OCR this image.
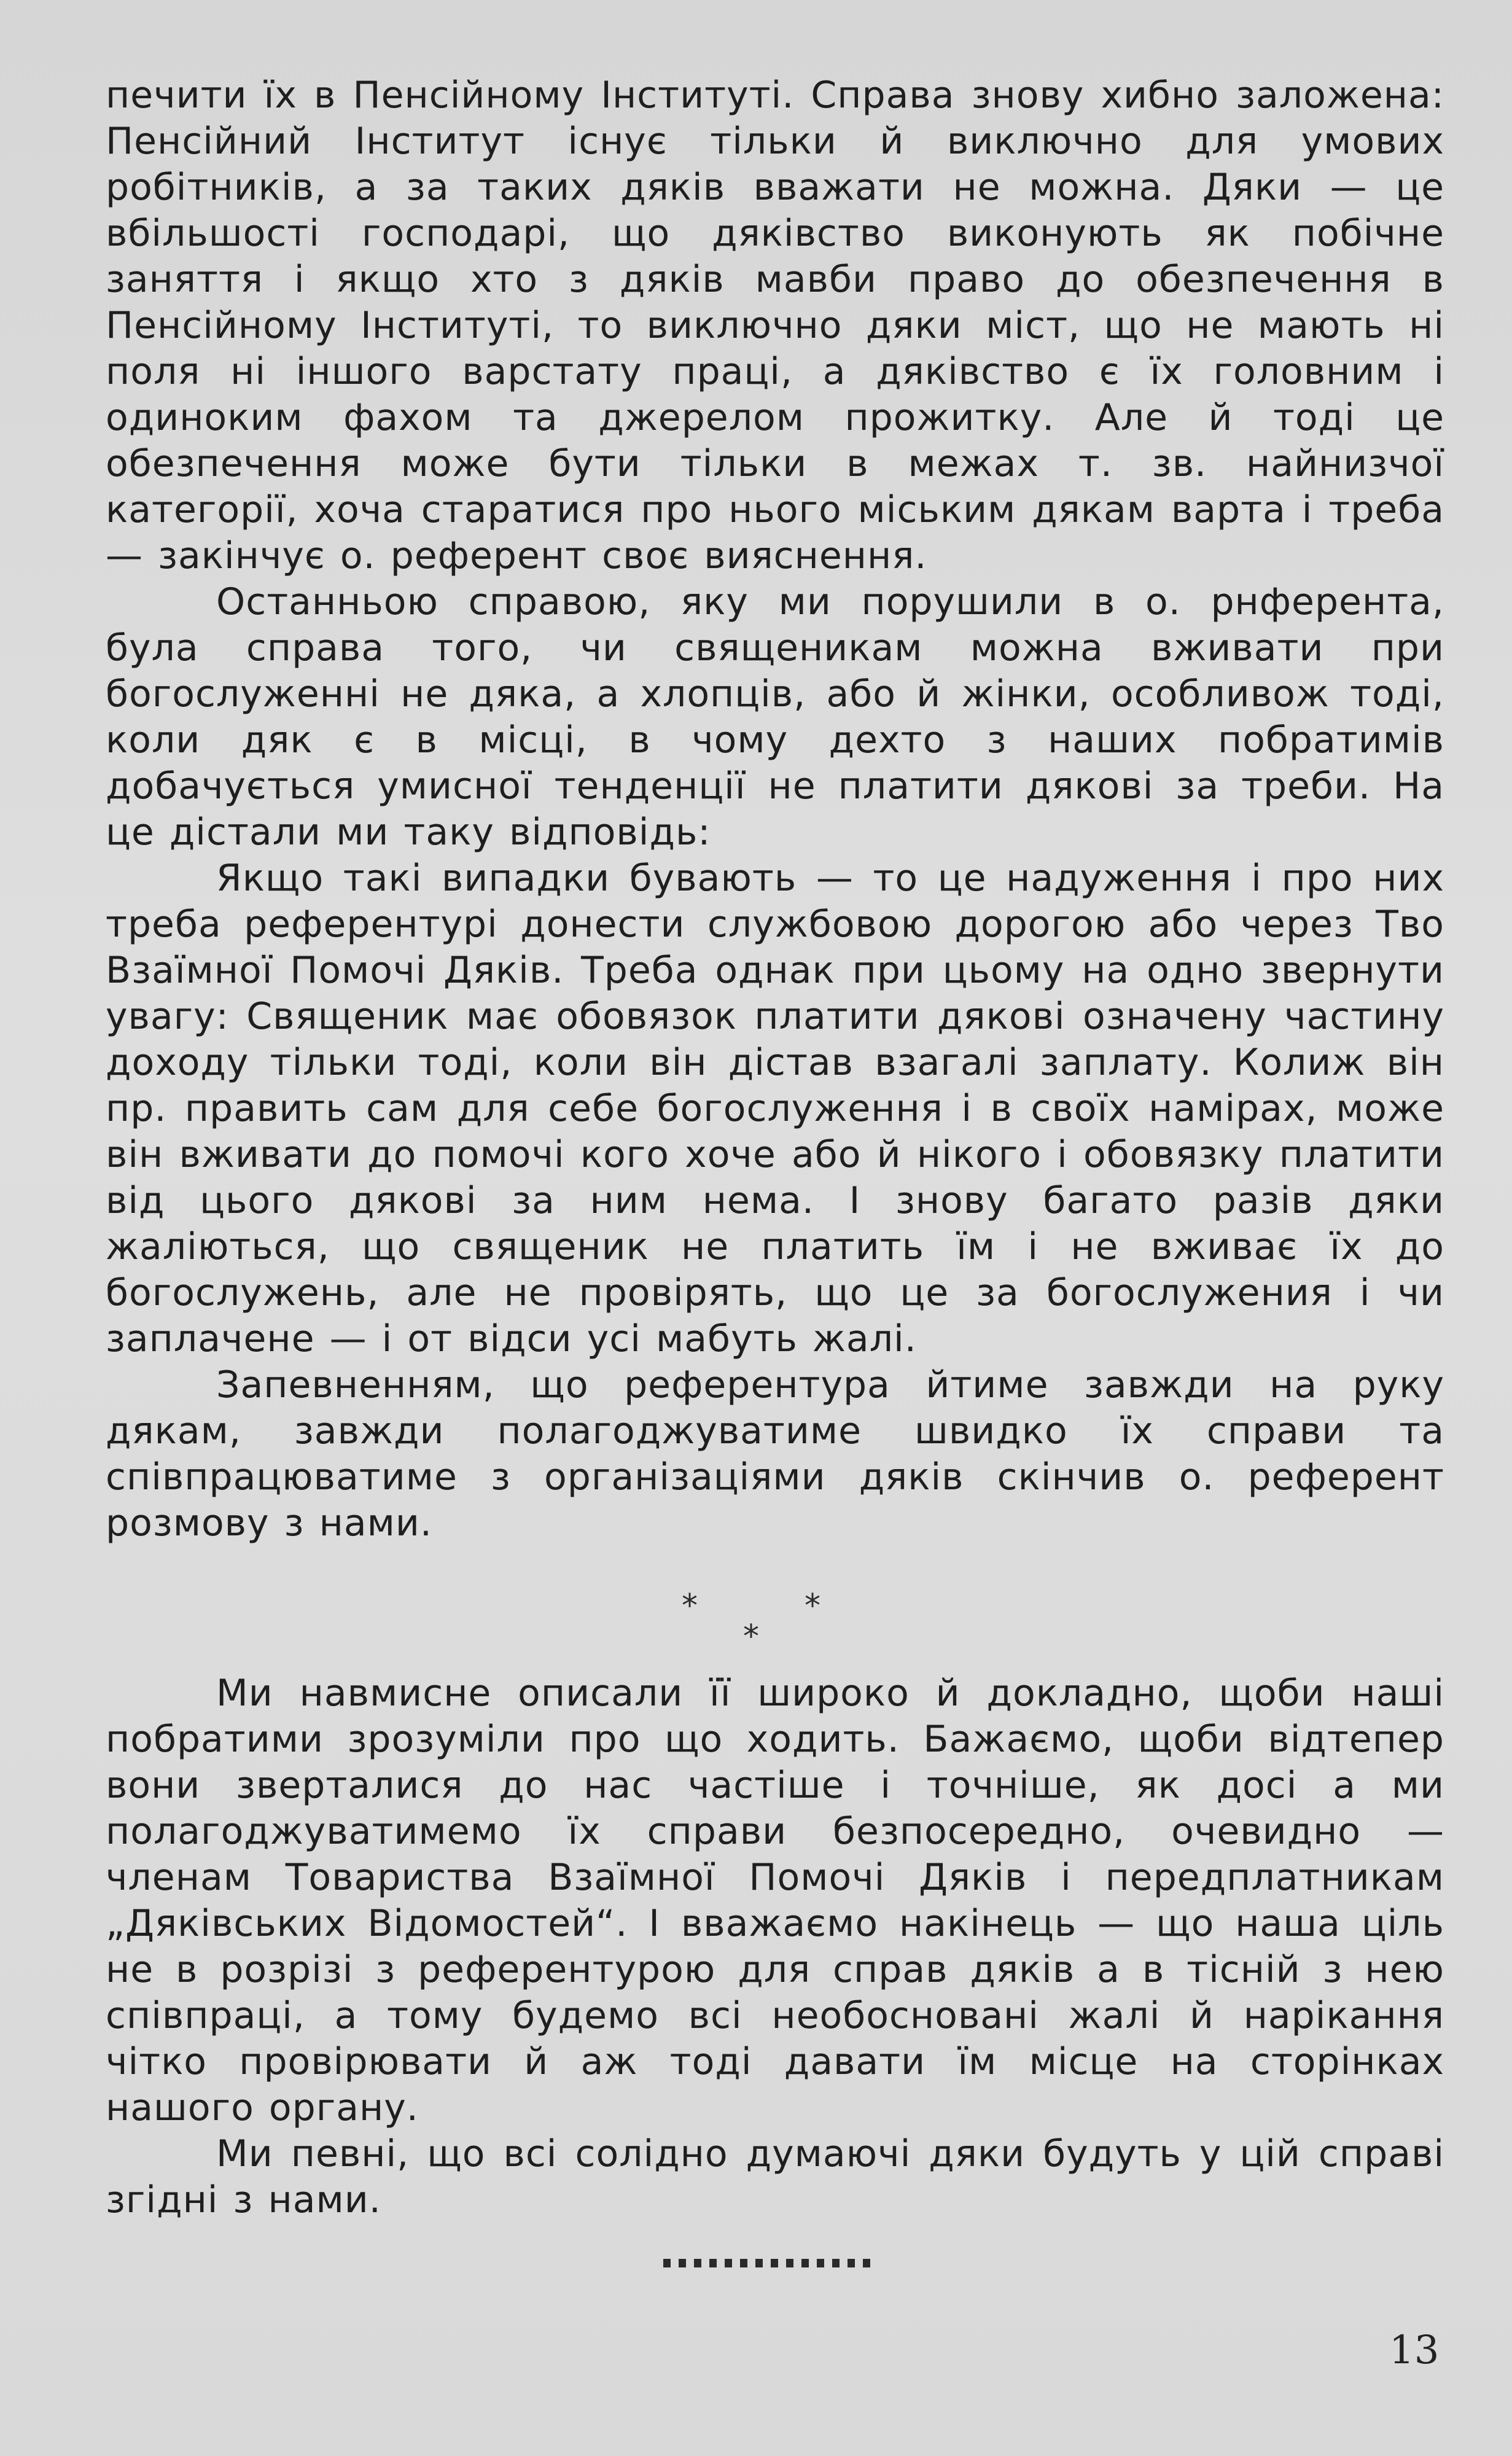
печити їх в Пенсійному Інституті. Справа знову хибно заложена: Пенсійний Інститут існує тільки й виключно для умових робітників, а за таких дяків вважати не можна. Дяки — це вбільшості господарі, що дяківство виконують як побічне заняття і якщо хто з дяків мавби право до обезпечення в Пенсійному Інституті, то виключно дяки міст, що не мають ні поля ні іншого варстату праці, а дяківство є їх головним і одиноким фахом та джерелом прожитку. Але й тоді це обезпечення може бути тільки в межах т. зв. найнизчої категорії, хоча старатися про нього міським дякам варта і треба — закінчує о. референт своє вияснення.

Останньою справою, яку ми порушили в о. рнферента, була справа того, чи священикам можна вживати при богослуженні не дяка, а хлопців, або й жінки, особливож тоді, коли дяк є в місці, в чому дехто з наших побратимів добачується умисної тенденції не платити дякові за треби. На це дістали ми таку відповідь:

Якщо такі випадки бувають — то це надуження і про них треба референтурі донести службовою дорогою або через Тво Взаїмної Помочі Дяків. Треба однак при цьому на одно звернути увагу: Священик має обовязок платити дякові означену частину доходу тільки тоді, коли він дістав взагалі заплату. Колиж він пр. править сам для себе богослуження і в своїх намірах, може він вживати до помочі кого хоче або й нікого і обовязку платити від цього дякові за ним нема. І знову багато разів дяки жаліються, що священик не платить їм і не вживає їх до богослужень, але не провірять, що це за богослужения і чи заплачене — і от відси усі мабуть жалі.

Запевненням, що референтура йтиме завжди на руку дякам, завжди полагоджуватиме швидко їх справи та співпрацюватиме з організаціями дяків скінчив о. референт розмову з нами.

*	*
*

Ми навмисне описали її широко й докладно, щоби наші побратими зрозуміли про що ходить. Бажаємо, щоби відтепер вони зверталися до нас частіше і точніше, як досі а ми полагоджуватимемо їх справи безпосередно, очевидно — членам Товариства Взаїмної Помочі Дяків і передплатникам „Дяківських Відомостей“. І вважаємо накінець — що наша ціль не в розрізі з референтурою для справ дяків а в тісній з нею співпраці, а тому будемо всі необосновані жалі й нарікання чітко провірювати й аж тоді давати їм місце на сторінках нашого органу.

Ми певні, що всі солідно думаючі дяки будуть у цій справі згідні з нами.

13
